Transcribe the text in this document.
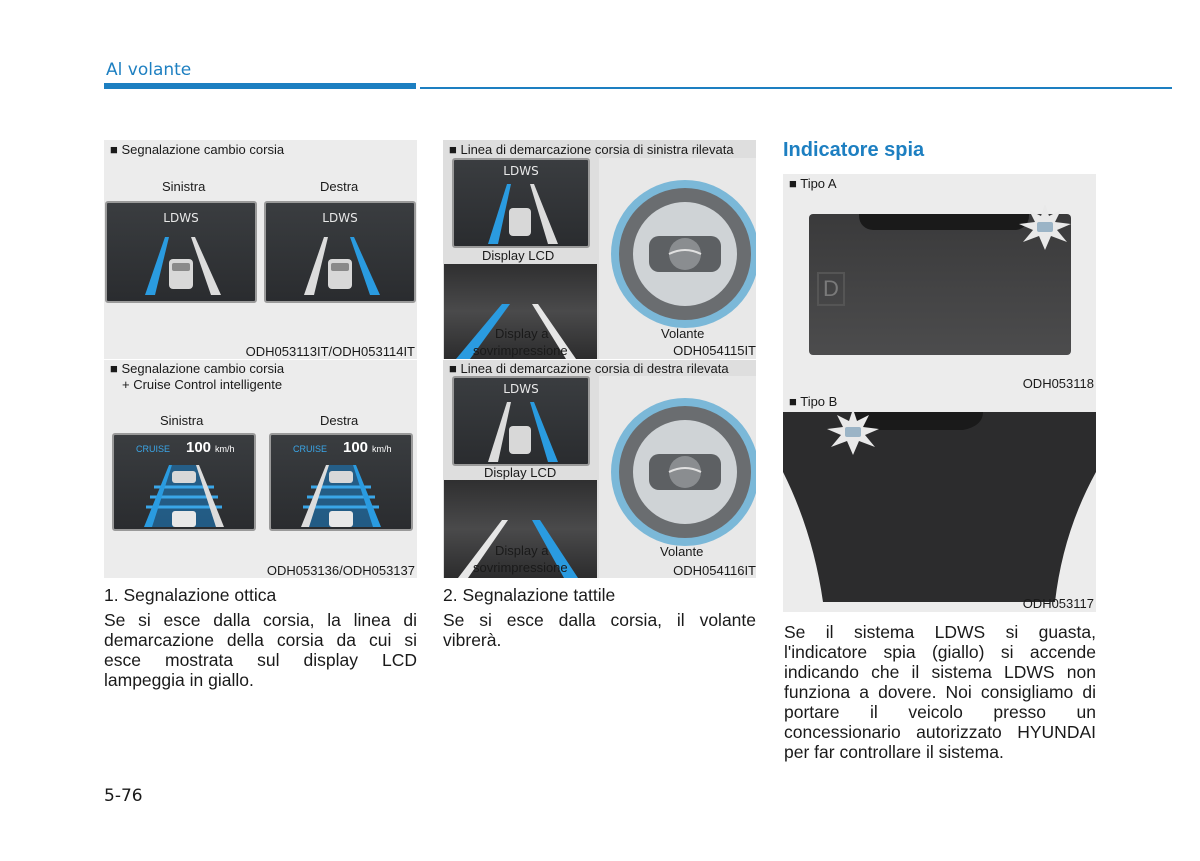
Al volante
■ Segnalazione cambio corsia
Sinistra	Destra
LDWS	LDWS
ODH053113IT/ODH053114IT
■ Segnalazione cambio corsia
+ Cruise Control intelligente
Sinistra	Destra
CRUISE 100 km/h	CRUISE 100 km/h
ODH053136/ODH053137
1. Segnalazione ottica
Se si esce dalla corsia, la linea di demarcazione della corsia da cui si esce mostrata sul display LCD lampeggia in giallo.
■ Linea di demarcazione corsia di sinistra rilevata
LDWS
Display LCD
Display a
sovrimpressione
Volante
ODH054115IT
■ Linea di demarcazione corsia di destra rilevata
LDWS
Display LCD
Display a
sovrimpressione
Volante
ODH054116IT
2. Segnalazione tattile
Se si esce dalla corsia, il volante vibrerà.
Indicatore spia
■ Tipo A
D
ODH053118
■ Tipo B
ODH053117
Se il sistema LDWS si guasta, l'indicatore spia (giallo) si accende indicando che il sistema LDWS non funziona a dovere. Noi consigliamo di portare il veicolo presso un concessionario autorizzato HYUNDAI per far controllare il sistema.
5-76
